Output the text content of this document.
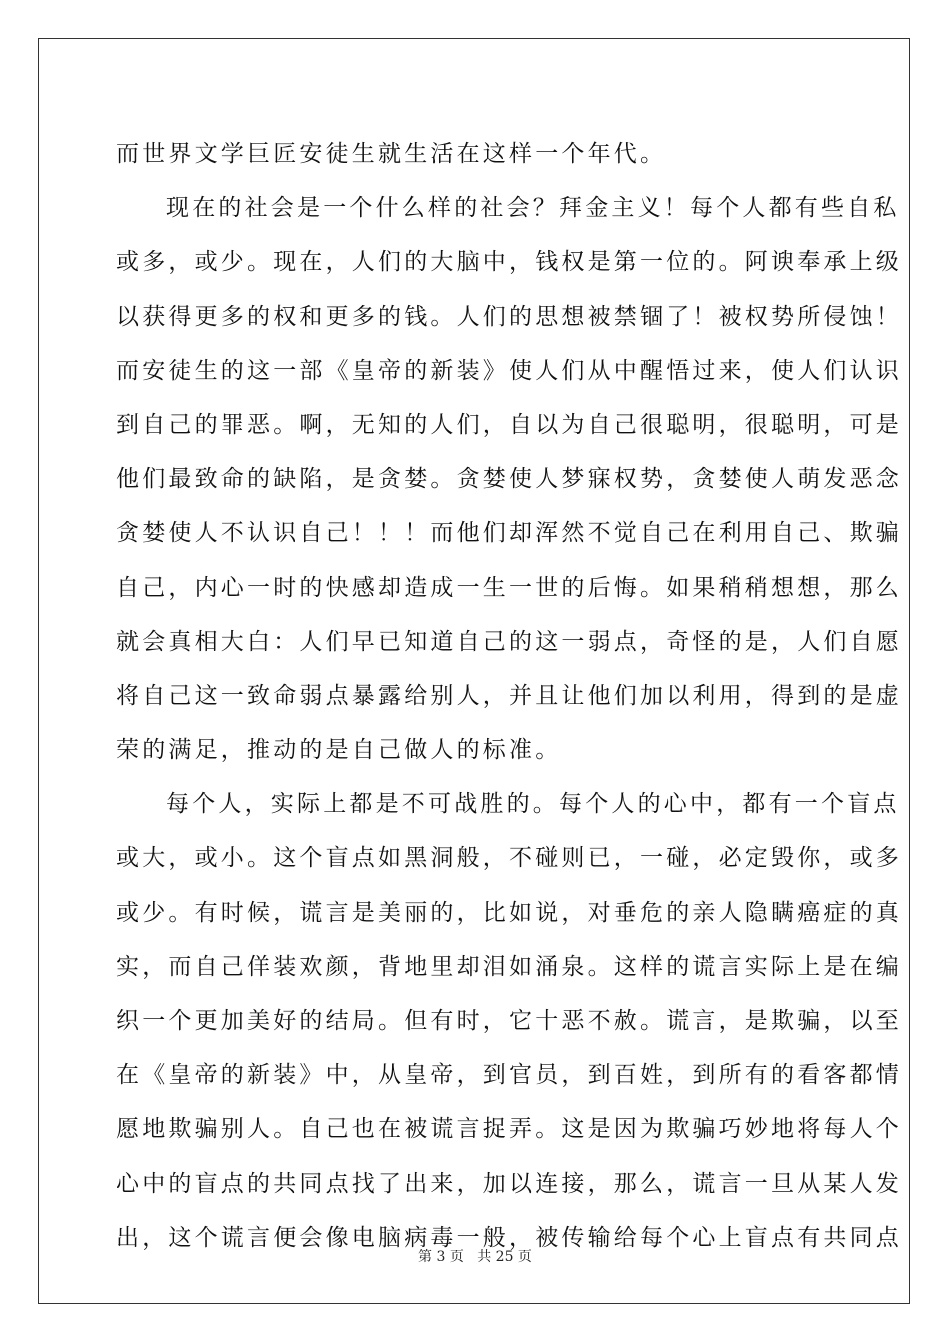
而世界文学巨匠安徒生就生活在这样一个年代。
现在的社会是一个什么样的社会？拜金主义！每个人都有些自私
或多，或少。现在，人们的大脑中，钱权是第一位的。阿谀奉承上级
以获得更多的权和更多的钱。人们的思想被禁锢了！被权势所侵蚀！
而安徒生的这一部《皇帝的新装》使人们从中醒悟过来，使人们认识
到自己的罪恶。啊，无知的人们，自以为自己很聪明，很聪明，可是
他们最致命的缺陷，是贪婪。贪婪使人梦寐权势，贪婪使人萌发恶念
贪婪使人不认识自己！！！而他们却浑然不觉自己在利用自己、欺骗
自己，内心一时的快感却造成一生一世的后悔。如果稍稍想想，那么
就会真相大白：人们早已知道自己的这一弱点，奇怪的是，人们自愿
将自己这一致命弱点暴露给别人，并且让他们加以利用，得到的是虚
荣的满足，推动的是自己做人的标准。
每个人，实际上都是不可战胜的。每个人的心中，都有一个盲点
或大，或小。这个盲点如黑洞般，不碰则已，一碰，必定毁你，或多
或少。有时候，谎言是美丽的，比如说，对垂危的亲人隐瞒癌症的真
实，而自己佯装欢颜，背地里却泪如涌泉。这样的谎言实际上是在编
织一个更加美好的结局。但有时，它十恶不赦。谎言，是欺骗，以至
在《皇帝的新装》中，从皇帝，到官员，到百姓，到所有的看客都情
愿地欺骗别人。自己也在被谎言捉弄。这是因为欺骗巧妙地将每人个
心中的盲点的共同点找了出来，加以连接，那么，谎言一旦从某人发
出，这个谎言便会像电脑病毒一般，被传输给每个心上盲点有共同点
第 3 页 共 25 页
